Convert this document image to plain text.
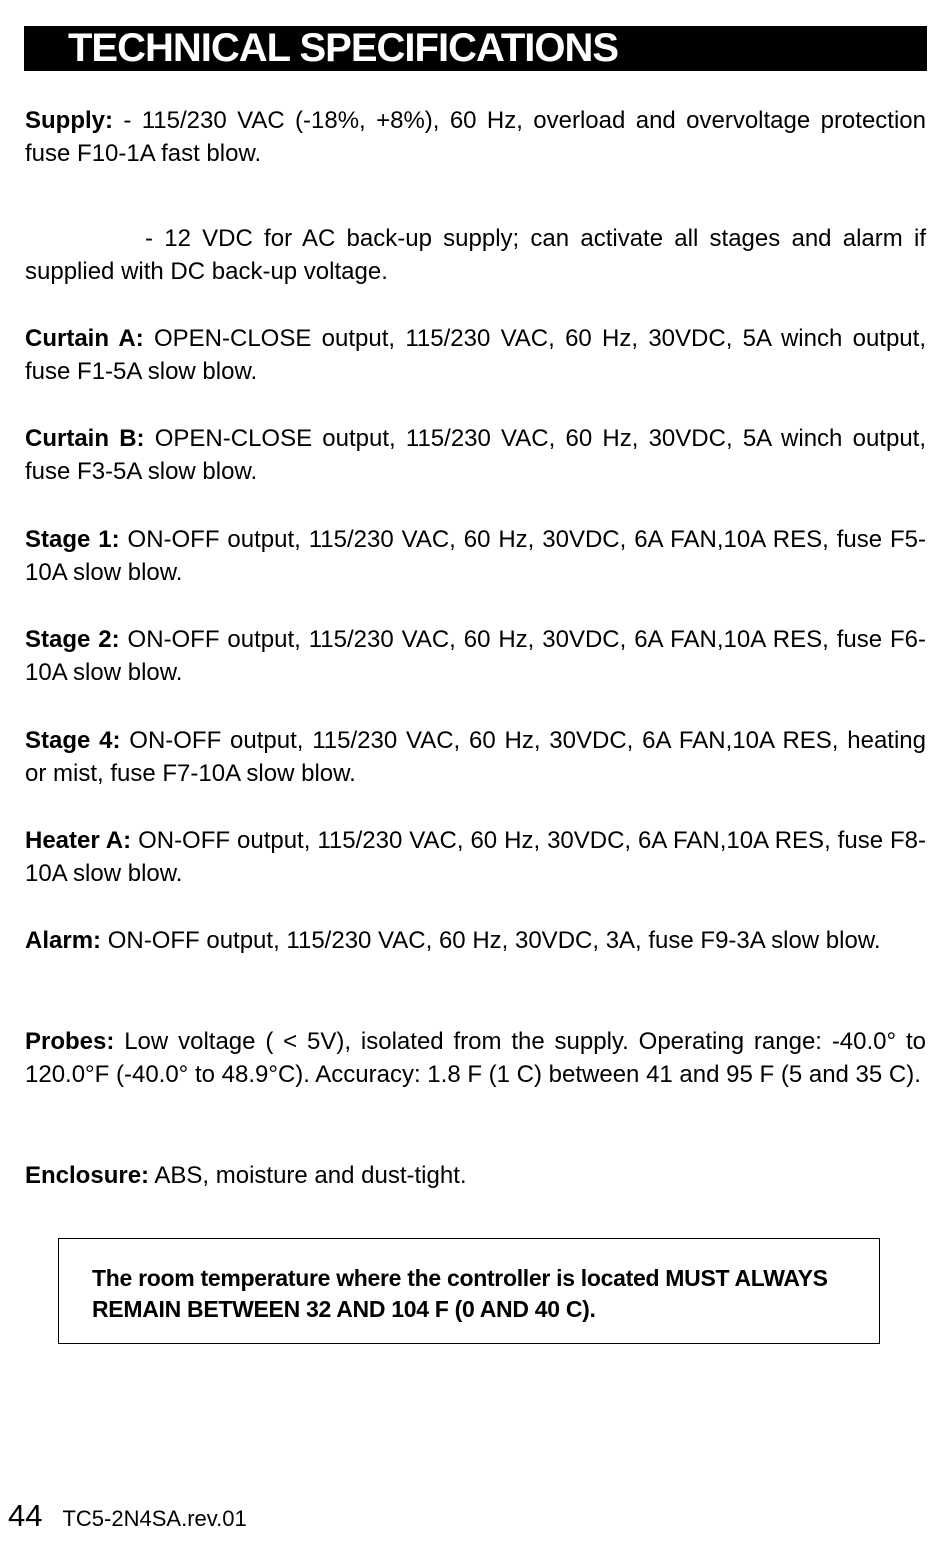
TECHNICAL SPECIFICATIONS

Supply: - 115/230 VAC (-18%, +8%), 60 Hz, overload and overvoltage protection fuse F10-1A fast blow.

- 12 VDC for AC back-up supply; can activate all stages and alarm if supplied with DC back-up voltage.

Curtain A: OPEN-CLOSE output, 115/230 VAC, 60 Hz, 30VDC, 5A winch output, fuse F1-5A slow blow.

Curtain B: OPEN-CLOSE output, 115/230 VAC, 60 Hz, 30VDC, 5A winch output, fuse F3-5A slow blow.

Stage 1: ON-OFF output, 115/230 VAC, 60 Hz, 30VDC, 6A FAN,10A RES, fuse F5-10A slow blow.

Stage 2: ON-OFF output, 115/230 VAC, 60 Hz, 30VDC, 6A FAN,10A RES, fuse F6-10A slow blow.

Stage 4: ON-OFF output, 115/230 VAC, 60 Hz, 30VDC, 6A FAN,10A RES, heating or mist, fuse F7-10A slow blow.

Heater A: ON-OFF output, 115/230 VAC, 60 Hz, 30VDC, 6A FAN,10A RES, fuse F8-10A slow blow.

Alarm: ON-OFF output, 115/230 VAC, 60 Hz, 30VDC, 3A, fuse F9-3A slow blow.

Probes: Low voltage ( < 5V), isolated from the supply. Operating range: -40.0° to 120.0°F (-40.0° to 48.9°C). Accuracy: 1.8 F (1 C) between 41 and 95 F (5 and 35 C).

Enclosure: ABS, moisture and dust-tight.

The room temperature where the controller is located MUST ALWAYS REMAIN BETWEEN 32 AND 104 F (0 AND 40 C).
44 TC5-2N4SA.rev.01
